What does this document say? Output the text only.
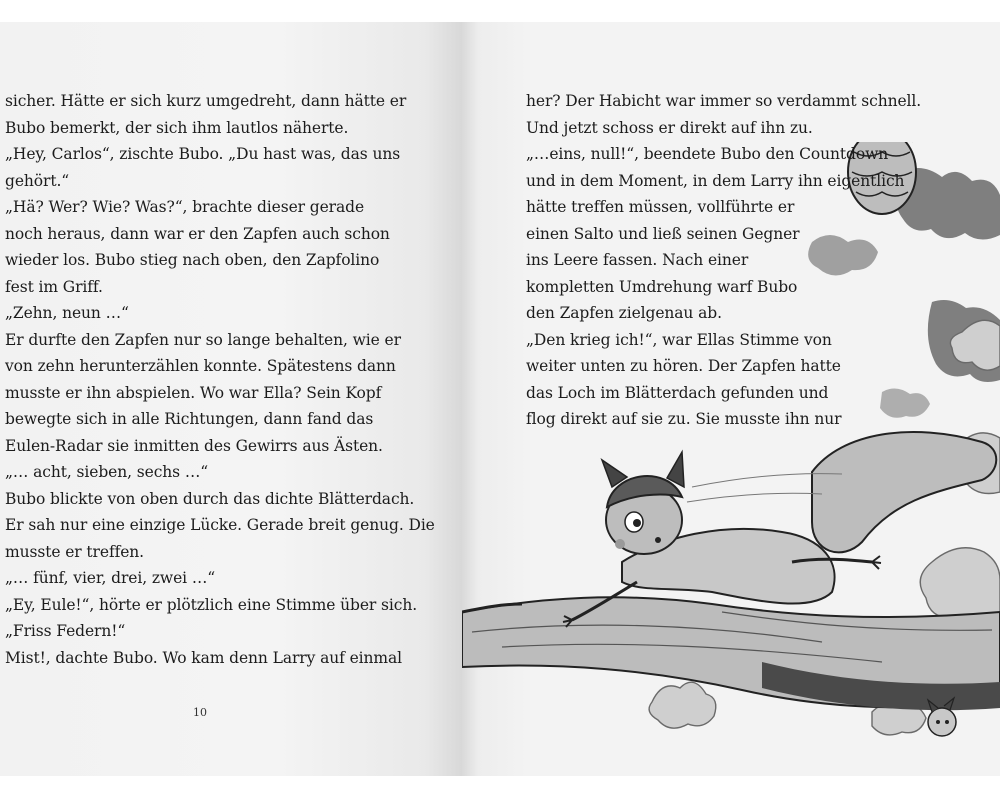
sicher. Hätte er sich kurz umgedreht, dann hätte er
Bubo bemerkt, der sich ihm lautlos näherte.
„Hey, Carlos“, zischte Bubo. „Du hast was, das uns
gehört.“
„Hä? Wer? Wie? Was?“, brachte dieser gerade
noch heraus, dann war er den Zapfen auch schon
wieder los. Bubo stieg nach oben, den Zapfolino
fest im Griff.
„Zehn, neun …“
Er durfte den Zapfen nur so lange behalten, wie er
von zehn herunterzählen konnte. Spätestens dann
musste er ihn abspielen. Wo war Ella? Sein Kopf
bewegte sich in alle Richtungen, dann fand das
Eulen-Radar sie inmitten des Gewirrs aus Ästen.
„… acht, sieben, sechs …“
Bubo blickte von oben durch das dichte Blätterdach.
Er sah nur eine einzige Lücke. Gerade breit genug. Die
musste er treffen.
„… fünf, vier, drei, zwei …“
„Ey, Eule!“, hörte er plötzlich eine Stimme über sich.
„Friss Federn!“
Mist!, dachte Bubo. Wo kam denn Larry auf einmal
10
her? Der Habicht war immer so verdammt schnell.
Und jetzt schoss er direkt auf ihn zu.
„…eins, null!“, beendete Bubo den Countdown
und in dem Moment, in dem Larry ihn eigentlich
hätte treffen müssen, vollführte er
einen Salto und ließ seinen Gegner
ins Leere fassen. Nach einer
kompletten Umdrehung warf Bubo
den Zapfen zielgenau ab.
„Den krieg ich!“, war Ellas Stimme von
weiter unten zu hören. Der Zapfen hatte
das Loch im Blätterdach gefunden und
flog direkt auf sie zu. Sie musste ihn nur
